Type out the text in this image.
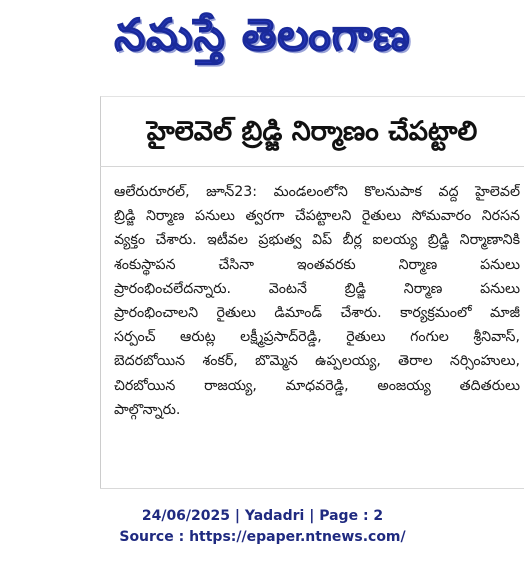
నమస్తే తెలంగాణ
హైలెవెల్ బ్రిడ్జి నిర్మాణం చేపట్టాలి
ఆలేరురూరల్, జూన్23: మండలంలోని కొలనుపాక వద్ద హైలెవల్
బ్రిడ్జి నిర్మాణ పనులు త్వరగా చేపట్టాలని రైతులు సోమవారం నిరసన
వ్యక్తం చేశారు. ఇటీవల ప్రభుత్వ విప్ బీర్ల ఐలయ్య బ్రిడ్జి నిర్మాణానికి
శంకుస్థాపన చేసినా ఇంతవరకు నిర్మాణ పనులు
ప్రారంభించలేదన్నారు. వెంటనే బ్రిడ్జి నిర్మాణ పనులు
ప్రారంభించాలని రైతులు డిమాండ్ చేశారు. కార్యక్రమంలో మాజీ
సర్పంచ్ ఆరుట్ల లక్ష్మీప్రసాద్‌రెడ్డి, రైతులు గంగుల శ్రీనివాస్,
బెదరబోయిన శంకర్, బొమ్మెన ఉప్పలయ్య, తెరాల నర్సింహులు,
చిరబోయిన రాజయ్య, మాధవరెడ్డి, అంజయ్య తదితరులు
పాల్గొన్నారు.
24/06/2025 | Yadadri | Page : 2
Source : https://epaper.ntnews.com/
